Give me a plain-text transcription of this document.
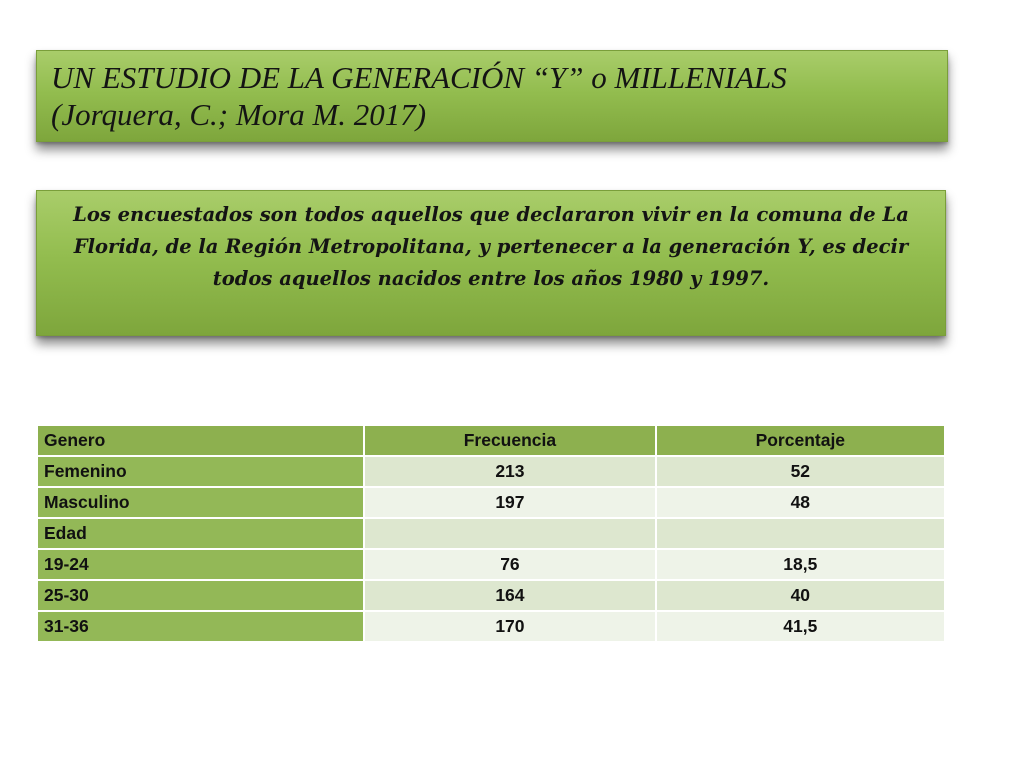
UN ESTUDIO DE LA GENERACIÓN “Y” o MILLENIALS
(Jorquera, C.; Mora M. 2017)

Los encuestados son todos aquellos que declararon vivir en la comuna de La Florida, de la Región Metropolitana, y pertenecer a la generación Y, es decir todos aquellos nacidos entre los años 1980 y 1997.

Genero	Frecuencia	Porcentaje
Femenino	213	52
Masculino	197	48
Edad		
19-24	76	18,5
25-30	164	40
31-36	170	41,5
